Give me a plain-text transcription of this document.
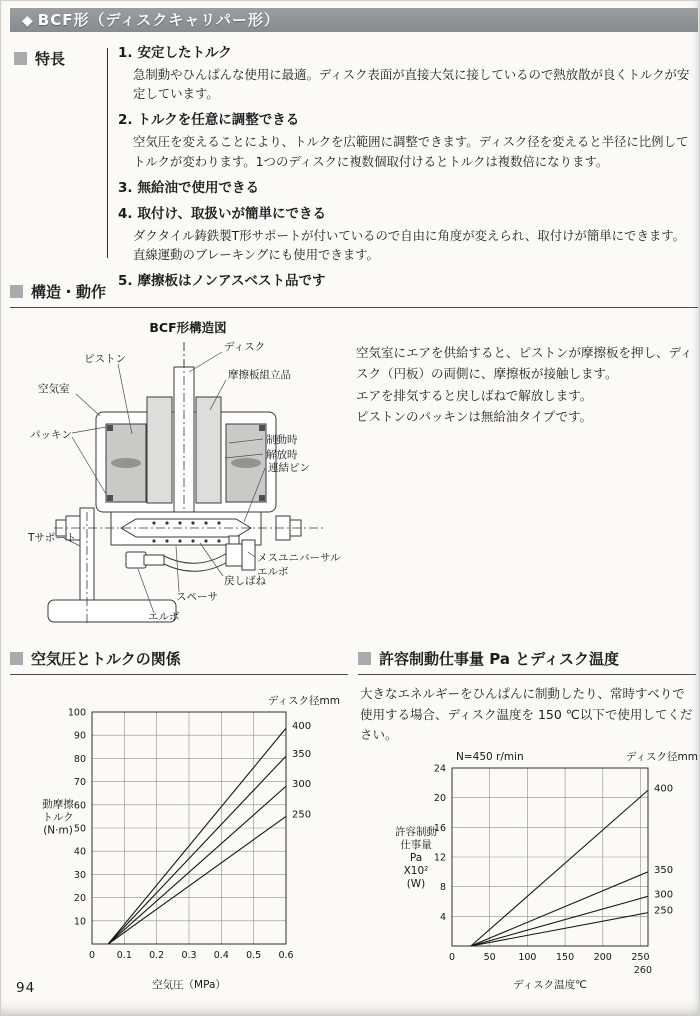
◆ BCF形（ディスクキャリパー形）
特長	1. 安定したトルク

急制動やひんぱんな使用に最適。ディスク表面が直接大気に接しているので熱放散が良くトルクが安定しています。

2. トルクを任意に調整できる

空気圧を変えることにより、トルクを広範囲に調整できます。ディスク径を変えると半径に比例してトルクが変わります。1つのディスクに複数個取付けるとトルクは複数倍になります。

3. 無給油で使用できる
4. 取付け、取扱いが簡単にできる

ダクタイル鋳鉄製T形サポートが付いているので自由に角度が変えられ、取付けが簡単にできます。直線運動のブレーキングにも使用できます。

5. 摩擦板はノンアスベスト品です
構造・動作
BCF形構造図
ディスク
ピストン
摩擦板組立品
空気室
パッキン	制動時
解放時
連結ピン
Tサポート
メスユニバーサル
エルボ
戻しばね
スペーサ
エルボ

空気室にエアを供給すると、ピストンが摩擦板を押し、ディスク（円板）の両側に、摩擦板が接触します。

エアを排気すると戻しばねで解放します。

ピストンのパッキンは無給油タイプです。

空気圧とトルクの関係	許容制動仕事量 Pa とディスク温度

大きなエネルギーをひんぱんに制動したり、常時すべりで使用する場合、ディスク温度を 150 ℃以下で使用してください。

0 0.1 0.2 0.3 0.4 0.5 0.6
10
20
30
40
50
60
70
80
90
100
400
350
300
250
ディスク径mm
動摩擦
トルク
(N·m)
空気圧（MPa）
0	50 100 150 200 250
260
4
8
12
16
20
24
400
350
300
250
ディスク径mm
N=450 r/min
許容制動
仕事量
Pa
X10²
(W)
ディスク温度℃
94
